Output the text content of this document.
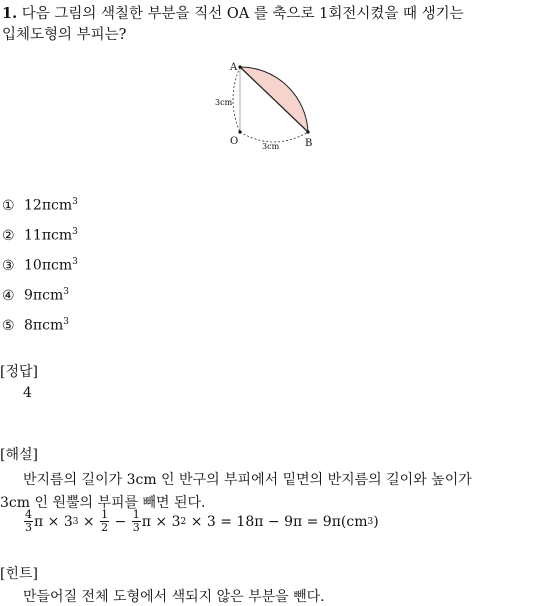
1. 다음 그림의 색칠한 부분을 직선 OA 를 축으로 1회전시켰을 때 생기는
입체도형의 부피는?
A
O	B
3cm
3cm
① 12πcm$^3$
② 11πcm$^3$
③ 10πcm$^3$
④ 9πcm$^3$
⑤ 8πcm$^3$
[정답]
4
[해설]
반지름의 길이가 3cm 인 반구의 부피에서 밑면의 반지름의 길이와 높이가
3cm 인 원뿔의 부피를 빼면 된다.
$\frac{4}{3}$ π × 3 $3 \times \frac{1}{2} - \frac{1}{3}$ π × 3 2 × 3 = 18π − 9π = 9π(cm 3 )
[힌트]
만들어질 전체 도형에서 색되지 않은 부분을 뺀다.
